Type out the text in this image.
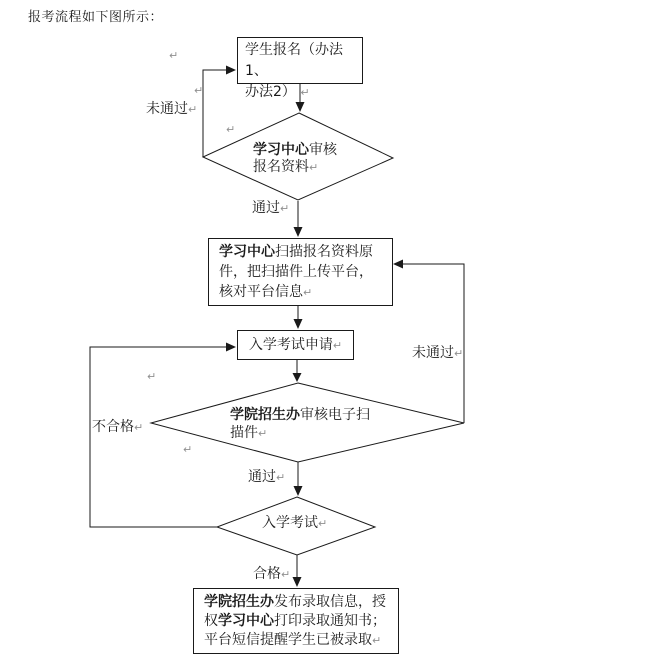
报考流程如下图所示：
学生报名（办法1、
办法2） ↵
学习中心扫描报名资料原
件，把扫描件上传平台，
核对平台信息↵
入学考试申请↵
学院招生办发布录取信息，授
权学习中心打印录取通知书；
平台短信提醒学生已被录取↵
学习中心审核
报名资料↵
学院招生办审核电子扫
描件↵
入学考试↵
未通过↵
通过↵
未通过↵
不合格↵
通过↵
合格↵
↵
↵
↵
↵
↵
